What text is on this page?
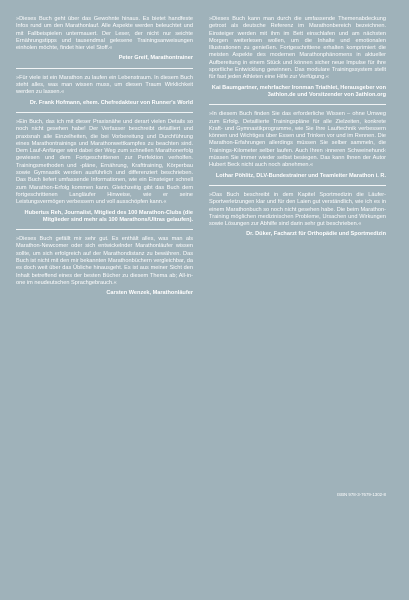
»Dieses Buch geht über das Gewohnte hinaus. Es bietet handfeste Infos rund um den Marathonlauf. Alle Aspekte werden beleuchtet und mit Fallbeispielen untermauert. Der Leser, der nicht nur seichte Ernährungstipps und tausendmal gelesene Trainingsanweisungen einholen möchte, findet hier viel Stoff.«

Peter Greif, Marathontrainer

»Für viele ist ein Marathon zu laufen ein Lebenstraum. In diesem Buch steht alles, was man wissen muss, um diesen Traum Wirklichkeit werden zu lassen.«

Dr. Frank Hofmann, ehem. Chefredakteur von Runner's World

»Ein Buch, das ich mit dieser Praxisnähe und derart vielen Details so noch nicht gesehen habe! Der Verfasser beschreibt detailliert und praxisnah alle Einzelheiten, die bei Vorbereitung und Durchführung eines Marathontrainings und Marathonwettkampfes zu beachten sind. Dem Lauf-Anfänger wird dabei der Weg zum schnellen Marathonerfolg gewiesen und dem Fortgeschrittenen zur Perfektion verholfen. Trainingsmethoden und -pläne, Ernährung, Krafttraining, Körperbau sowie Gymnastik werden ausführlich und differenziert beschrieben. Das Buch liefert umfassende Informationen, wie ein Einsteiger schnell zum Marathon-Erfolg kommen kann. Gleichzeitig gibt das Buch dem fortgeschrittenen Langläufer Hinweise, wie er seine Leistungsvermögen verbessern und voll ausschöpfen kann.«

Hubertus Reh, Journalist, Mitglied des 100 Marathon-Clubs (die Mitglieder sind mehr als 100 Marathons/Ultras gelaufen).

»Dieses Buch gefällt mir sehr gut. Es enthält alles, was man als Marathon-Newcomer oder sich entwickelnder Marathonläufer wissen sollte, um sich erfolgreich auf der Marathondistanz zu bewähren. Das Buch ist nicht mit den mir bekannten Marathonbüchern vergleichbar, da es doch weit über das Übliche hinausgeht. Es ist aus meiner Sicht den Inhalt betreffend eines der besten Bücher zu diesem Thema ab; All-in-one im neudeutschen Sprachgebrauch.«

Carsten Wenzek, Marathonläufer

»Dieses Buch kann man durch die umfassende Themenabdeckung getrost als deutsche Referenz im Marathonbereich bezeichnen. Einsteiger werden mit ihm im Bett einschlafen und am nächsten Morgen weiterlesen wollen, um die Inhalte und emotionalen Illustrationen zu genießen. Fortgeschrittene erhalten komprimiert die meisten Aspekte des modernen Marathonphänomens in aktueller Aufbereitung in einem Stück und können sicher neue Impulse für ihre sportliche Entwicklung gewinnen. Das modulare Trainingssystem stellt für fast jeden Athleten eine Hilfe zur Verfügung.«

Kai Baumgartner, mehrfacher Ironman Triathlet, Herausgeber von 3athlon.de und Vorsitzender von 3athlon.org

»In diesem Buch finden Sie das erforderliche Wissen – ohne Umweg zum Erfolg. Detaillierte Trainingspläne für alle Zielzeiten, konkrete Kraft- und Gymnastikprogramme, wie Sie Ihre Lauftechnik verbessern können und Wichtiges über Essen und Trinken vor und im Rennen. Die Marathon-Erfahrungen allerdings müssen Sie selber sammeln, die Trainings-Kilometer selber laufen. Auch Ihren ›inneren Schweinehund‹ müssen Sie immer wieder selbst besiegen. Das kann Ihnen der Autor Hubert Beck nicht auch noch abnehmen.«

Lothar Pöhlitz, DLV-Bundestrainer und Teamleiter Marathon i. R.

»Das Buch beschreibt in dem Kapitel Sportmedizin die Läufer-Sportverletzungen klar und für den Laien gut verständlich, wie ich es in einem Marathonbuch so noch nicht gesehen habe. Die beim Marathon-Training möglichen medizinischen Probleme, Ursachen und Wirkungen sowie Lösungen zur Abhilfe sind darin sehr gut beschrieben.«

Dr. Düker, Facharzt für Orthopädie und Sportmedizin

ISBN 978-3-7679-1302-8
